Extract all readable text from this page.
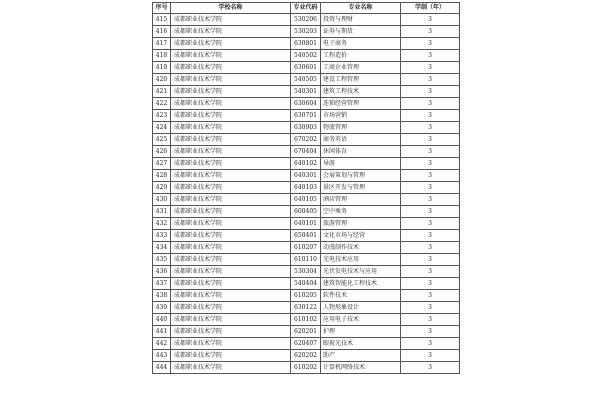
序号	学校名称	专业代码	专业名称	学制（年）
415	成都职业技术学院	530206	投资与理财	3
416	成都职业技术学院	530203	证券与期货	3
417	成都职业技术学院	630801	电子商务	3
418	成都职业技术学院	540502	工程造价	3
419	成都职业技术学院	630601	工商企业管理	3
420	成都职业技术学院	540505	建设工程管理	3
421	成都职业技术学院	540301	建筑工程技术	3
422	成都职业技术学院	630604	连锁经营管理	3
423	成都职业技术学院	630701	市场营销	3
424	成都职业技术学院	630903	物流管理	3
425	成都职业技术学院	670202	商务英语	3
426	成都职业技术学院	670404	休闲体育	3
427	成都职业技术学院	640102	导游	3
428	成都职业技术学院	640301	会展策划与管理	3
429	成都职业技术学院	640103	景区开发与管理	3
430	成都职业技术学院	640105	酒店管理	3
431	成都职业技术学院	600405	空中乘务	3
432	成都职业技术学院	640101	旅游管理	3
433	成都职业技术学院	650401	文化市场与经营	3
434	成都职业技术学院	610207	动漫制作技术	3
435	成都职业技术学院	610110	光电技术应用	3
436	成都职业技术学院	530304	光伏发电技术与应用	3
437	成都职业技术学院	540404	建筑智能化工程技术	3
438	成都职业技术学院	610205	软件技术	3
439	成都职业技术学院	630122	人物形象设计	3
440	成都职业技术学院	610102	应用电子技术	3
441	成都职业技术学院	620201	护理	3
442	成都职业技术学院	620407	眼视光技术	3
443	成都职业技术学院	620202	助产	3
444	成都职业技术学院	610202	计算机网络技术	3
